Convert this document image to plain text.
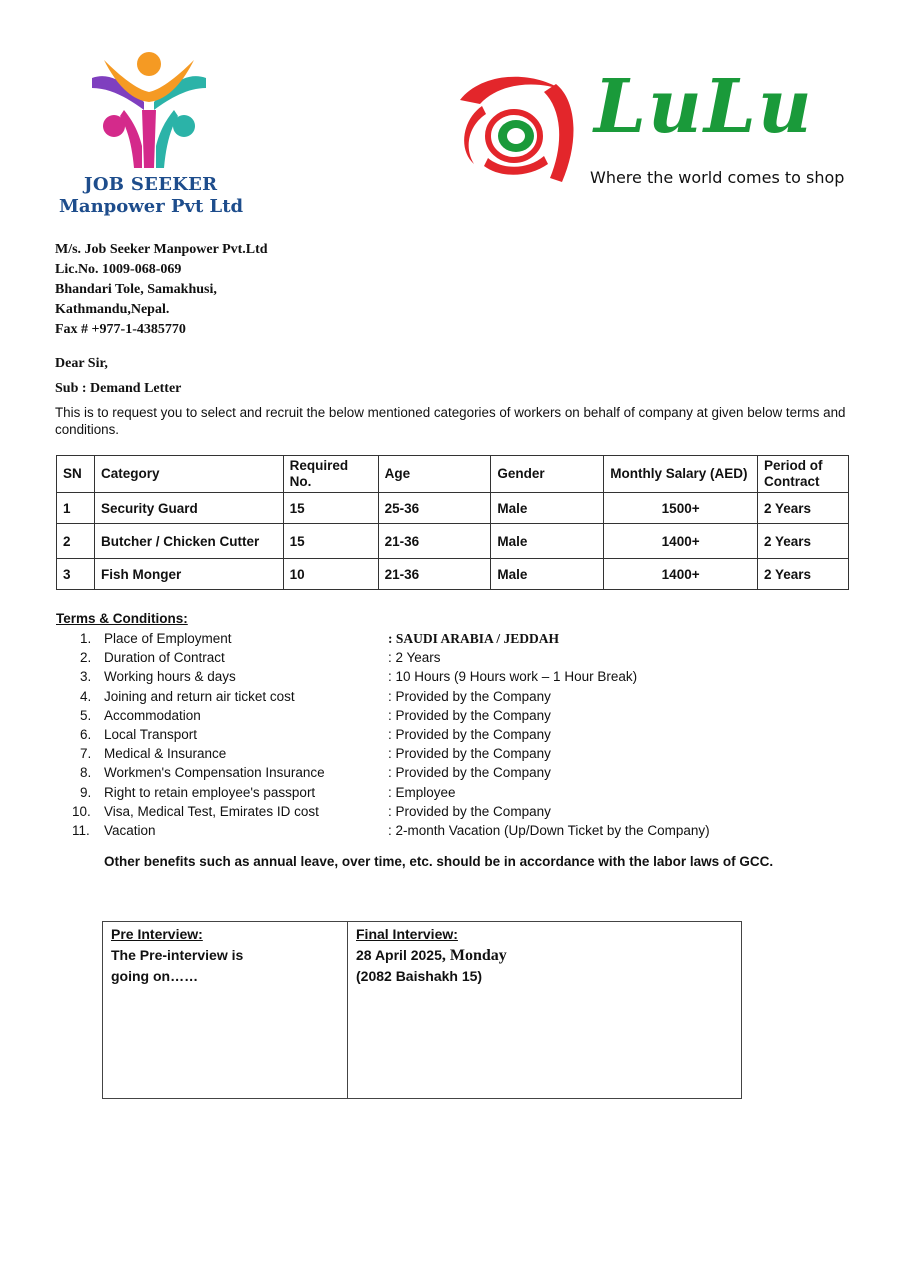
JOB SEEKER
Manpower Pvt Ltd
LuLu
Where the world comes to shop
M/s. Job Seeker Manpower Pvt.Ltd
Lic.No. 1009-068-069
Bhandari Tole, Samakhusi,
Kathmandu,Nepal.
Fax # +977-1-4385770
Dear Sir,
Sub : Demand Letter
This is to request you to select and recruit the below mentioned categories of workers on behalf of company at given below terms and conditions.
SN	Category	Required No.	Age	Gender	Monthly Salary (AED)	Period of Contract
1	Security Guard	15	25-36	Male	1500+	2 Years
2	Butcher / Chicken Cutter	15	21-36	Male	1400+	2 Years
3	Fish Monger	10	21-36	Male	1400+	2 Years
Terms & Conditions:
1. Place of Employment	: SAUDI ARABIA / JEDDAH
2. Duration of Contract	: 2 Years
3. Working hours & days	: 10 Hours (9 Hours work – 1 Hour Break)
4. Joining and return air ticket cost	: Provided by the Company
5. Accommodation	: Provided by the Company
6. Local Transport	: Provided by the Company
7. Medical & Insurance	: Provided by the Company
8. Workmen's Compensation Insurance	: Provided by the Company
9. Right to retain employee's passport	: Employee
10. Visa, Medical Test, Emirates ID cost	: Provided by the Company
11.	Vacation	: 2-month Vacation (Up/Down Ticket by the Company)
Other benefits such as annual leave, over time, etc. should be in accordance with the labor laws of GCC.
Pre Interview:
The Pre-interview is
going on……
Final Interview:
28 April 2025, Monday
(2082 Baishakh 15)
